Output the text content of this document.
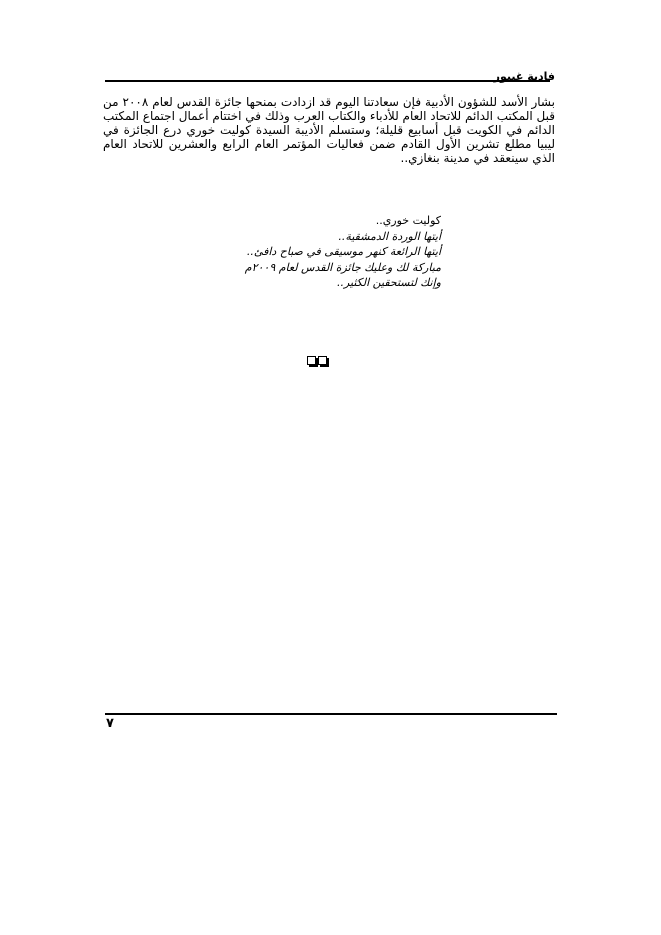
فادية غيبور

بشار الأسد للشؤون الأدبية فإن سعادتنا اليوم قد ازدادت بمنحها جائزة القدس لعام ٢٠٠٨ من قبل المكتب الدائم للاتحاد العام للأدباء والكتاب العرب وذلك في اختتام أعمال اجتماع المكتب الدائم في الكويت قبل أسابيع قليلة؛ وستسلم الأديبة السيدة كوليت خوري درع الجائزة في ليبيا مطلع تشرين الأول القادم ضمن فعاليات المؤتمر العام الرابع والعشرين للاتحاد العام الذي سينعقد في مدينة بنغازي..

كوليت خوري..
أيتها الوردة الدمشقية..
أيتها الرائعة كنهر موسيقى في صباح دافئ..
مباركة لك وعليك جائزة القدس لعام ٢٠٠٩م
وإنك لتستحقين الكثير..
٧
